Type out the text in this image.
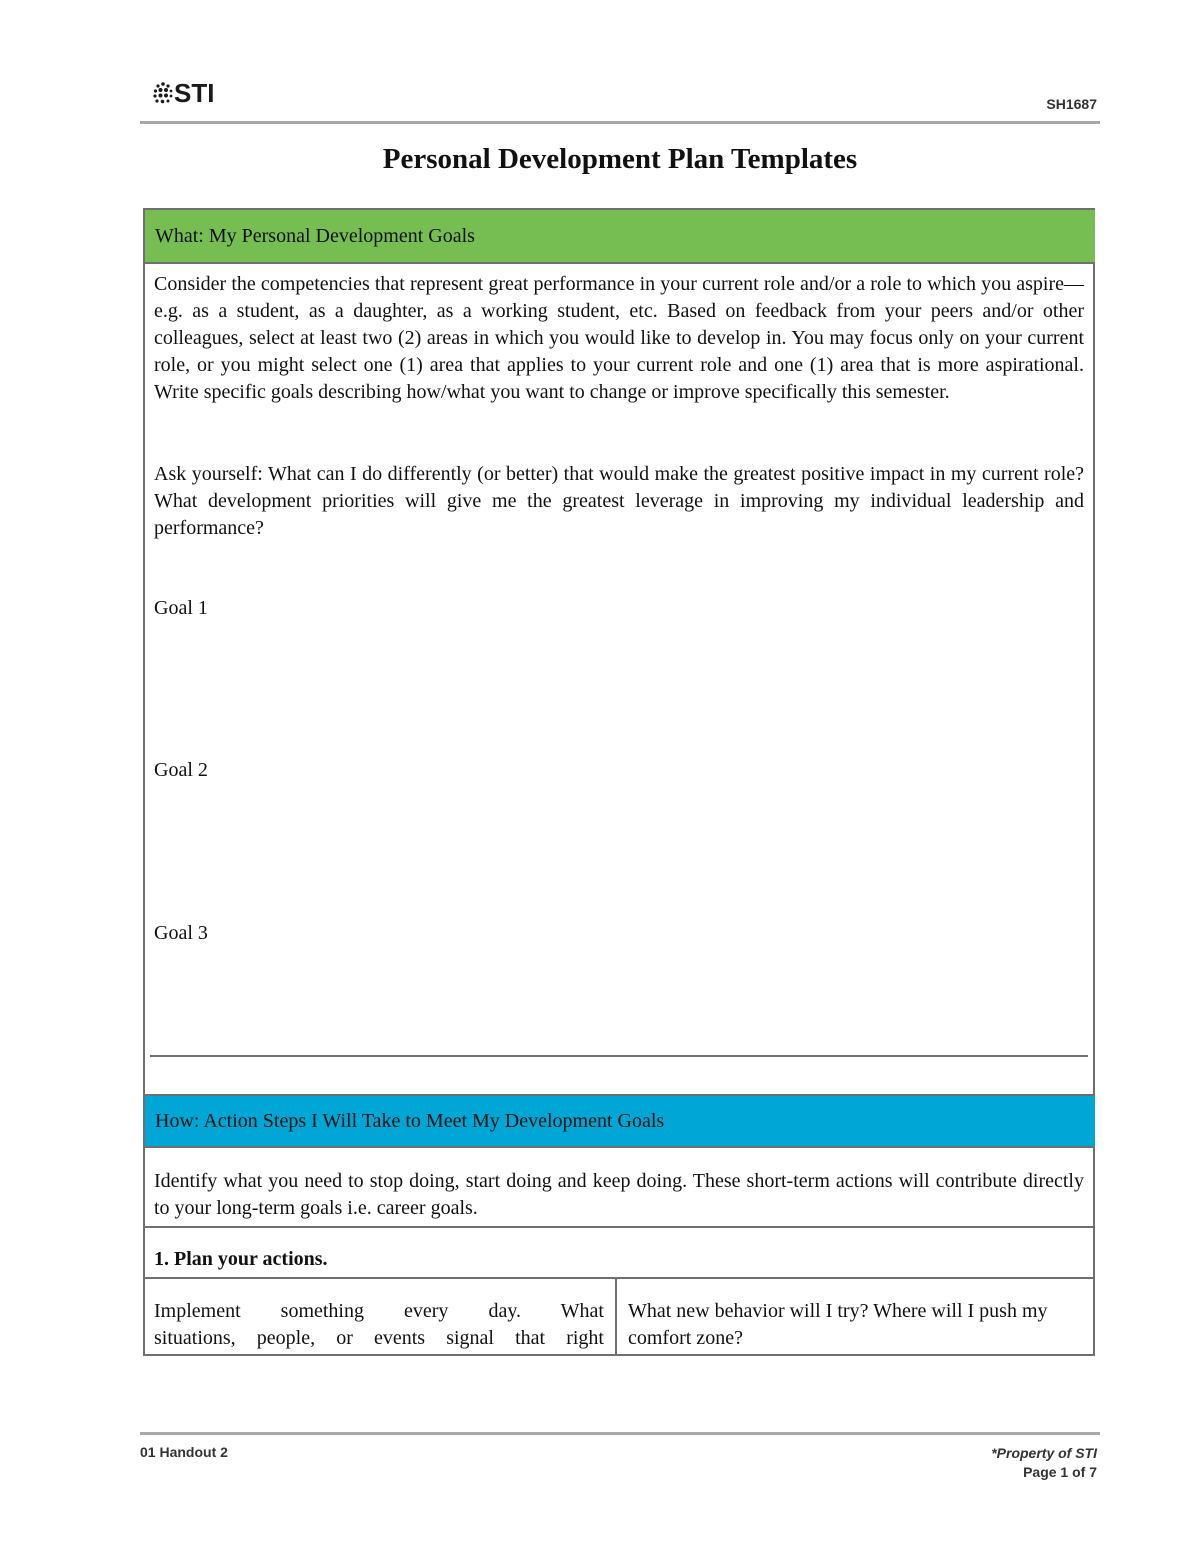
STI	SH1687
Personal Development Plan Templates
What: My Personal Development Goals
Consider the competencies that represent great performance in your current role and/or a role to which you aspire—e.g. as a student, as a daughter, as a working student, etc. Based on feedback from your peers and/or other colleagues, select at least two (2) areas in which you would like to develop in. You may focus only on your current role, or you might select one (1) area that applies to your current role and one (1) area that is more aspirational. Write specific goals describing how/what you want to change or improve specifically this semester.
Ask yourself: What can I do differently (or better) that would make the greatest positive impact in my current role? What development priorities will give me the greatest leverage in improving my individual leadership and performance?
Goal 1
Goal 2
Goal 3
How: Action Steps I Will Take to Meet My Development Goals
Identify what you need to stop doing, start doing and keep doing. These short-term actions will contribute directly to your long-term goals i.e. career goals.
1. Plan your actions.
Implement something every day. What
situations, people, or events signal that right
What new behavior will I try? Where will I push my comfort zone?
01 Handout 2	*Property of STI
Page 1 of 7
